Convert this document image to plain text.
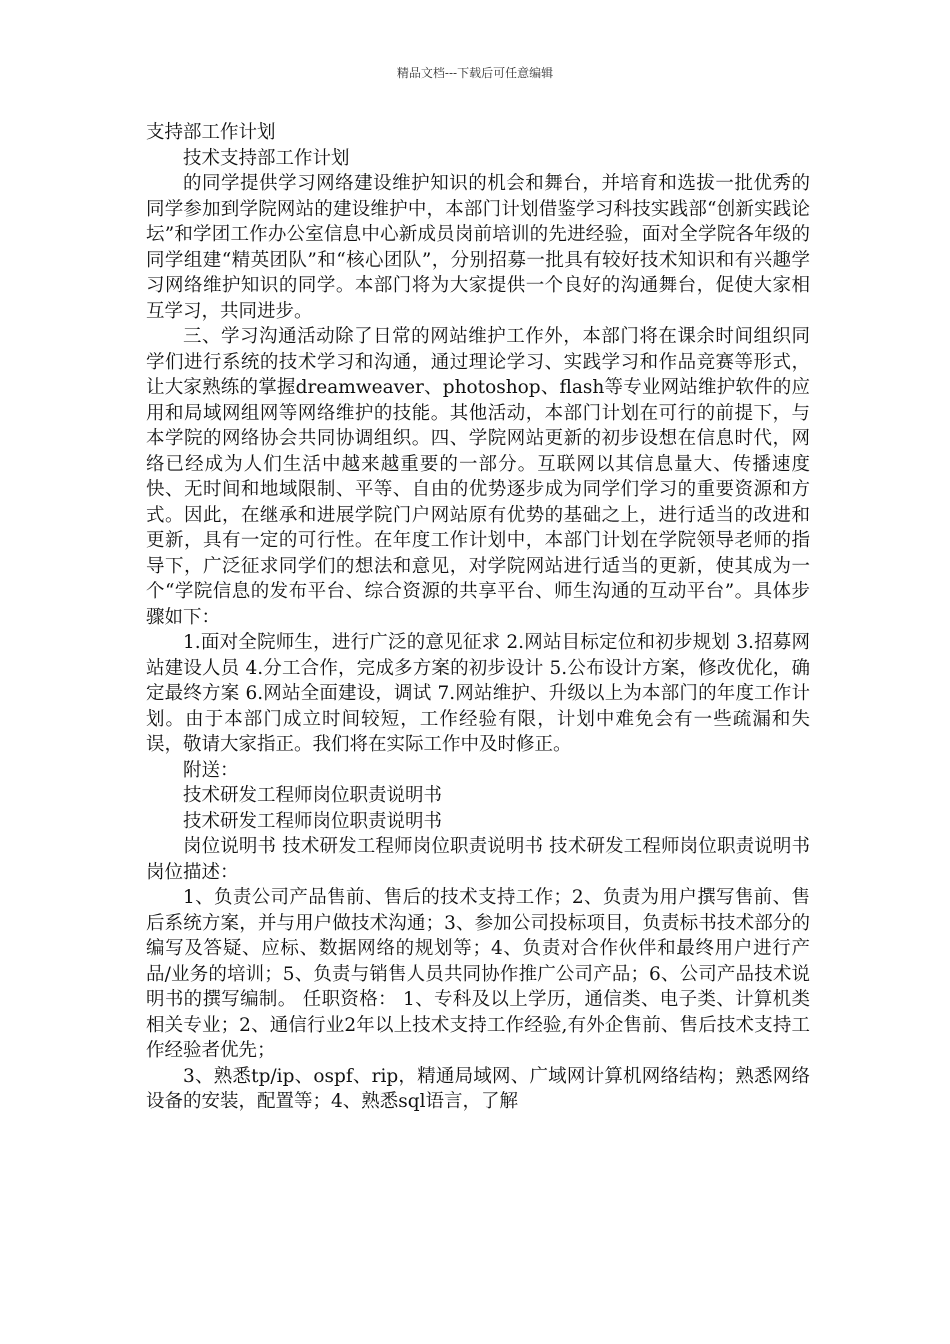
精品文档---下载后可任意编辑

支持部工作计划

技术支持部工作计划

的同学提供学习网络建设维护知识的机会和舞台，并培育和选拔一批优秀的同学参加到学院网站的建设维护中，本部门计划借鉴学习科技实践部“创新实践论坛”和学团工作办公室信息中心新成员岗前培训的先进经验，面对全学院各年级的同学组建“精英团队”和“核心团队”，分别招募一批具有较好技术知识和有兴趣学习网络维护知识的同学。本部门将为大家提供一个良好的沟通舞台，促使大家相互学习，共同进步。

三、学习沟通活动除了日常的网站维护工作外，本部门将在课余时间组织同学们进行系统的技术学习和沟通，通过理论学习、实践学习和作品竞赛等形式，让大家熟练的掌握dreamweaver、photoshop、flash等专业网站维护软件的应用和局域网组网等网络维护的技能。其他活动，本部门计划在可行的前提下，与本学院的网络协会共同协调组织。四、学院网站更新的初步设想在信息时代，网络已经成为人们生活中越来越重要的一部分。互联网以其信息量大、传播速度快、无时间和地域限制、平等、自由的优势逐步成为同学们学习的重要资源和方式。因此，在继承和进展学院门户网站原有优势的基础之上，进行适当的改进和更新，具有一定的可行性。在年度工作计划中，本部门计划在学院领导老师的指导下，广泛征求同学们的想法和意见，对学院网站进行适当的更新，使其成为一个“学院信息的发布平台、综合资源的共享平台、师生沟通的互动平台”。具体步骤如下：

1.面对全院师生，进行广泛的意见征求 2.网站目标定位和初步规划 3.招募网站建设人员 4.分工合作，完成多方案的初步设计 5.公布设计方案，修改优化，确定最终方案 6.网站全面建设，调试 7.网站维护、升级以上为本部门的年度工作计划。由于本部门成立时间较短，工作经验有限，计划中难免会有一些疏漏和失误，敬请大家指正。我们将在实际工作中及时修正。

附送：

技术研发工程师岗位职责说明书

技术研发工程师岗位职责说明书

岗位说明书 技术研发工程师岗位职责说明书 技术研发工程师岗位职责说明书 岗位描述：

1、负责公司产品售前、售后的技术支持工作；2、负责为用户撰写售前、售后系统方案，并与用户做技术沟通；3、参加公司投标项目，负责标书技术部分的编写及答疑、应标、数据网络的规划等；4、负责对合作伙伴和最终用户进行产品/业务的培训；5、负责与销售人员共同协作推广公司产品；6、公司产品技术说明书的撰写编制。 任职资格： 1、专科及以上学历，通信类、电子类、计算机类相关专业；2、通信行业2年以上技术支持工作经验,有外企售前、售后技术支持工作经验者优先；

3、熟悉tp/ip、ospf、rip，精通局域网、广域网计算机网络结构；熟悉网络设备的安装，配置等；4、熟悉sql语言，了解
